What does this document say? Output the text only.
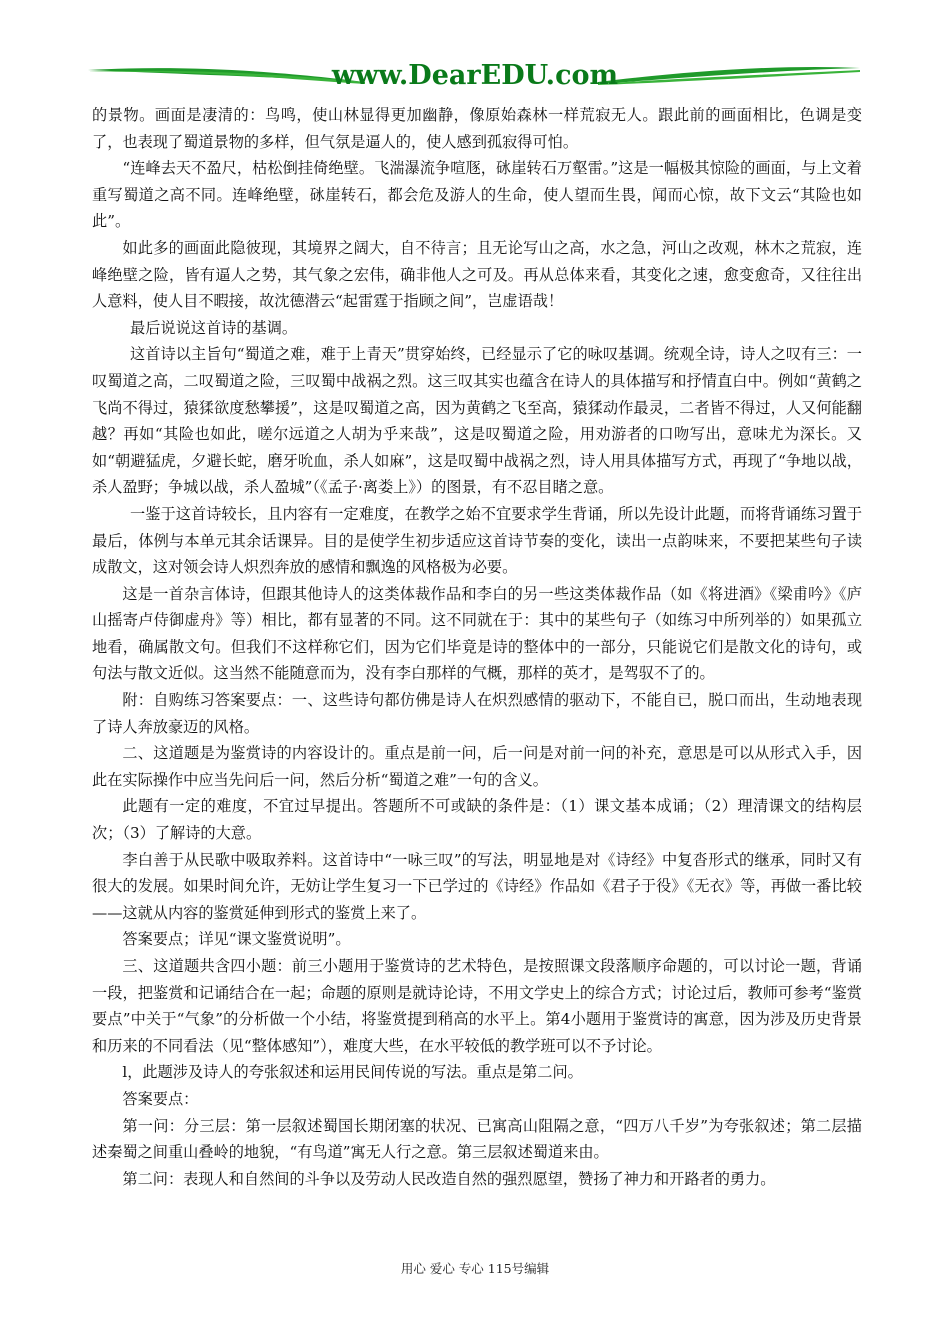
www.DearEDU.com

的景物。画面是凄清的：鸟鸣，使山林显得更加幽静，像原始森林一样荒寂无人。跟此前的画面相比，色调是变了，也表现了蜀道景物的多样，但气氛是逼人的，使人感到孤寂得可怕。

“连峰去天不盈尺，枯松倒挂倚绝壁。飞湍瀑流争喧豗，砯崖转石万壑雷。”这是一幅极其惊险的画面，与上文着重写蜀道之高不同。连峰绝壁，砯崖转石，都会危及游人的生命，使人望而生畏，闻而心惊，故下文云“其险也如此”。

如此多的画面此隐彼现，其境界之阔大，自不待言；且无论写山之高，水之急，河山之改观，林木之荒寂，连峰绝壁之险，皆有逼人之势，其气象之宏伟，确非他人之可及。再从总体来看，其变化之速，愈变愈奇，又往往出人意料，使人目不暇接，故沈德潜云“起雷霆于指顾之间”，岂虚语哉！

最后说说这首诗的基调。

这首诗以主旨句“蜀道之难，难于上青天”贯穿始终，已经显示了它的咏叹基调。统观全诗，诗人之叹有三：一叹蜀道之高，二叹蜀道之险，三叹蜀中战祸之烈。这三叹其实也蕴含在诗人的具体描写和抒情直白中。例如“黄鹤之飞尚不得过，猿猱欲度愁攀援”，这是叹蜀道之高，因为黄鹤之飞至高，猿猱动作最灵，二者皆不得过，人又何能翻越？再如“其险也如此，嗟尔远道之人胡为乎来哉”，这是叹蜀道之险，用劝游者的口吻写出，意味尤为深长。又如“朝避猛虎，夕避长蛇，磨牙吮血，杀人如麻”，这是叹蜀中战祸之烈，诗人用具体描写方式，再现了“争地以战，杀人盈野；争城以战，杀人盈城”（《孟子·离娄上》）的图景，有不忍目睹之意。

一鉴于这首诗较长，且内容有一定难度，在教学之始不宜要求学生背诵，所以先设计此题，而将背诵练习置于最后，体例与本单元其余话课异。目的是使学生初步适应这首诗节奏的变化，读出一点韵味来，不要把某些句子读成散文，这对领会诗人炽烈奔放的感情和飘逸的风格极为必要。

这是一首杂言体诗，但跟其他诗人的这类体裁作品和李白的另一些这类体裁作品（如《将进酒》《梁甫吟》《庐山摇寄卢侍御虚舟》等）相比，都有显著的不同。这不同就在于：其中的某些句子（如练习中所列举的）如果孤立地看，确属散文句。但我们不这样称它们，因为它们毕竟是诗的整体中的一部分，只能说它们是散文化的诗句，或句法与散文近似。这当然不能随意而为，没有李白那样的气概，那样的英才，是驾驭不了的。

附：自购练习答案要点：一、这些诗句都仿佛是诗人在炽烈感情的驱动下，不能自已，脱口而出，生动地表现了诗人奔放豪迈的风格。

二、这道题是为鉴赏诗的内容设计的。重点是前一问，后一问是对前一问的补充，意思是可以从形式入手，因此在实际操作中应当先问后一问，然后分析“蜀道之难”一句的含义。

此题有一定的难度，不宜过早提出。答题所不可或缺的条件是：（1）课文基本成诵；（2）理清课文的结构层次；（3）了解诗的大意。

李白善于从民歌中吸取养料。这首诗中“一咏三叹”的写法，明显地是对《诗经》中复沓形式的继承，同时又有很大的发展。如果时间允许，无妨让学生复习一下已学过的《诗经》作品如《君子于役》《无衣》等，再做一番比较——这就从内容的鉴赏延伸到形式的鉴赏上来了。

答案要点；详见“课文鉴赏说明”。

三、这道题共含四小题：前三小题用于鉴赏诗的艺术特色，是按照课文段落顺序命题的，可以讨论一题，背诵一段，把鉴赏和记诵结合在一起；命题的原则是就诗论诗，不用文学史上的综合方式；讨论过后，教师可参考“鉴赏要点”中关于“气象”的分析做一个小结，将鉴赏提到稍高的水平上。第4小题用于鉴赏诗的寓意，因为涉及历史背景和历来的不同看法（见“整体感知”），难度大些，在水平较低的教学班可以不予讨论。

l，此题涉及诗人的夸张叙述和运用民间传说的写法。重点是第二问。

答案要点：

第一问：分三层：第一层叙述蜀国长期闭塞的状况、已寓高山阻隔之意，“四万八千岁”为夸张叙述；第二层描述秦蜀之间重山叠岭的地貌，“有鸟道”寓无人行之意。第三层叙述蜀道来由。

第二问：表现人和自然间的斗争以及劳动人民改造自然的强烈愿望，赞扬了神力和开路者的勇力。

用心 爱心 专心 115号编辑
